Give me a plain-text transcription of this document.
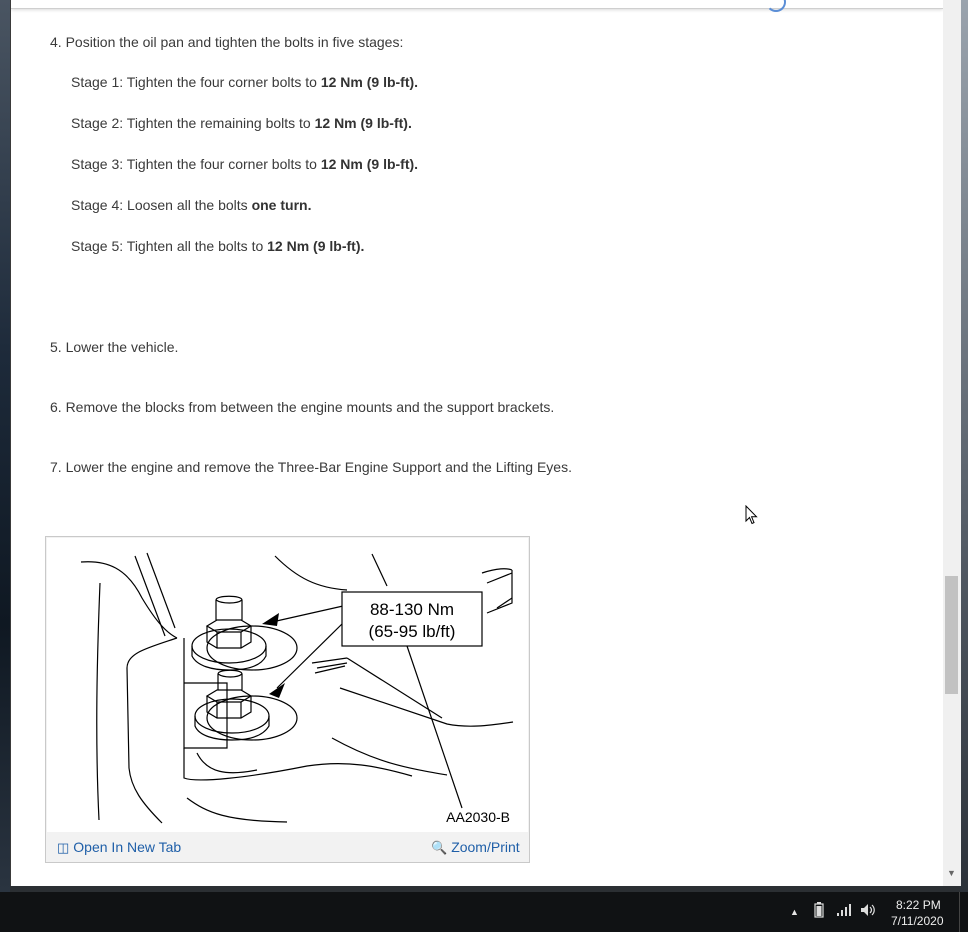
4. Position the oil pan and tighten the bolts in five stages:
Stage 1: Tighten the four corner bolts to 12 Nm (9 lb-ft).
Stage 2: Tighten the remaining bolts to 12 Nm (9 lb-ft).
Stage 3: Tighten the four corner bolts to 12 Nm (9 lb-ft).
Stage 4: Loosen all the bolts one turn.
Stage 5: Tighten all the bolts to 12 Nm (9 lb-ft).
5. Lower the vehicle.
6. Remove the blocks from between the engine mounts and the support brackets.
7. Lower the engine and remove the Three-Bar Engine Support and the Lifting Eyes.
88-130 Nm
(65-95 lb/ft)
AA2030-B
◫ Open In New Tab	🔍 Zoom/Print
▼
▲	8:22 PM
7/11/2020
